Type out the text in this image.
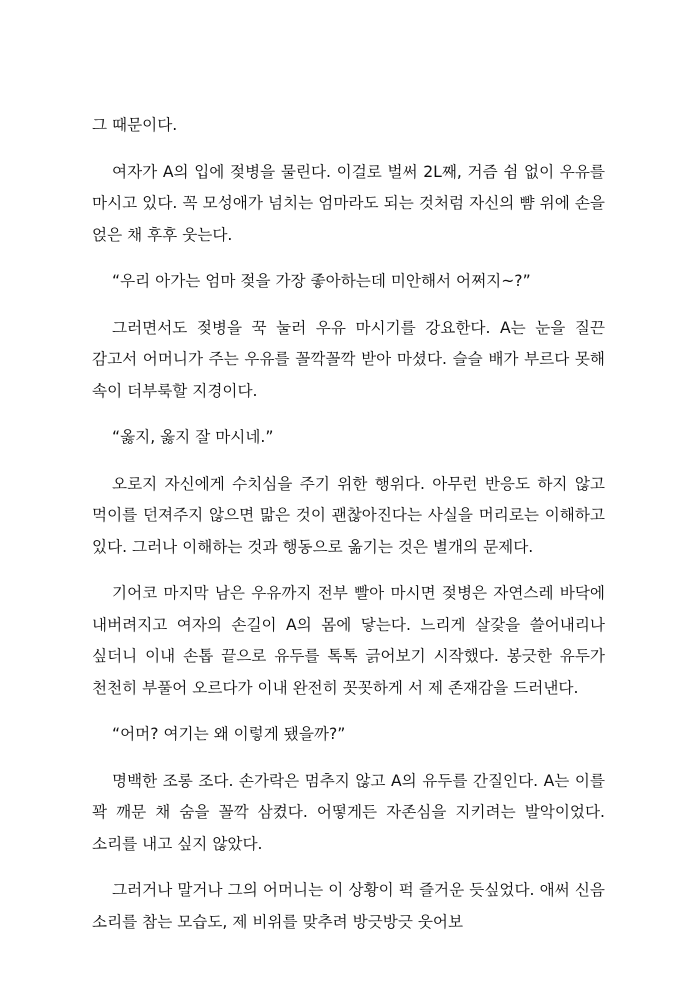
그 때문이다.

여자가 A의 입에 젖병을 물린다. 이걸로 벌써 2L째, 거즘 쉼 없이 우유를 마시고 있다. 꼭 모성애가 넘치는 엄마라도 되는 것처럼 자신의 뺨 위에 손을 얹은 채 후후 웃는다.

“우리 아가는 엄마 젖을 가장 좋아하는데 미안해서 어쩌지~?”

그러면서도 젖병을 꾹 눌러 우유 마시기를 강요한다. A는 눈을 질끈 감고서 어머니가 주는 우유를 꼴깍꼴깍 받아 마셨다. 슬슬 배가 부르다 못해 속이 더부룩할 지경이다.

“옳지, 옳지 잘 마시네.”

오로지 자신에게 수치심을 주기 위한 행위다. 아무런 반응도 하지 않고 먹이를 던져주지 않으면 맒은 것이 괜찮아진다는 사실을 머리로는 이해하고 있다. 그러나 이해하는 것과 행동으로 옮기는 것은 별개의 문제다.

기어코 마지막 남은 우유까지 전부 빨아 마시면 젖병은 자연스레 바닥에 내버려지고 여자의 손길이 A의 몸에 닿는다. 느리게 살갗을 쓸어내리나 싶더니 이내 손톱 끝으로 유두를 톡톡 긁어보기 시작했다. 봉긋한 유두가 천천히 부풀어 오르다가 이내 완전히 꼿꼿하게 서 제 존재감을 드러낸다.

“어머? 여기는 왜 이렇게 됐을까?”

명백한 조롱 조다. 손가락은 멈추지 않고 A의 유두를 간질인다. A는 이를 꽉 깨문 채 숨을 꼴깍 삼켰다. 어떻게든 자존심을 지키려는 발악이었다. 소리를 내고 싶지 않았다.

그러거나 말거나 그의 어머니는 이 상황이 퍽 즐거운 듯싶었다. 애써 신음 소리를 참는 모습도, 제 비위를 맞추려 방긋방긋 웃어보
